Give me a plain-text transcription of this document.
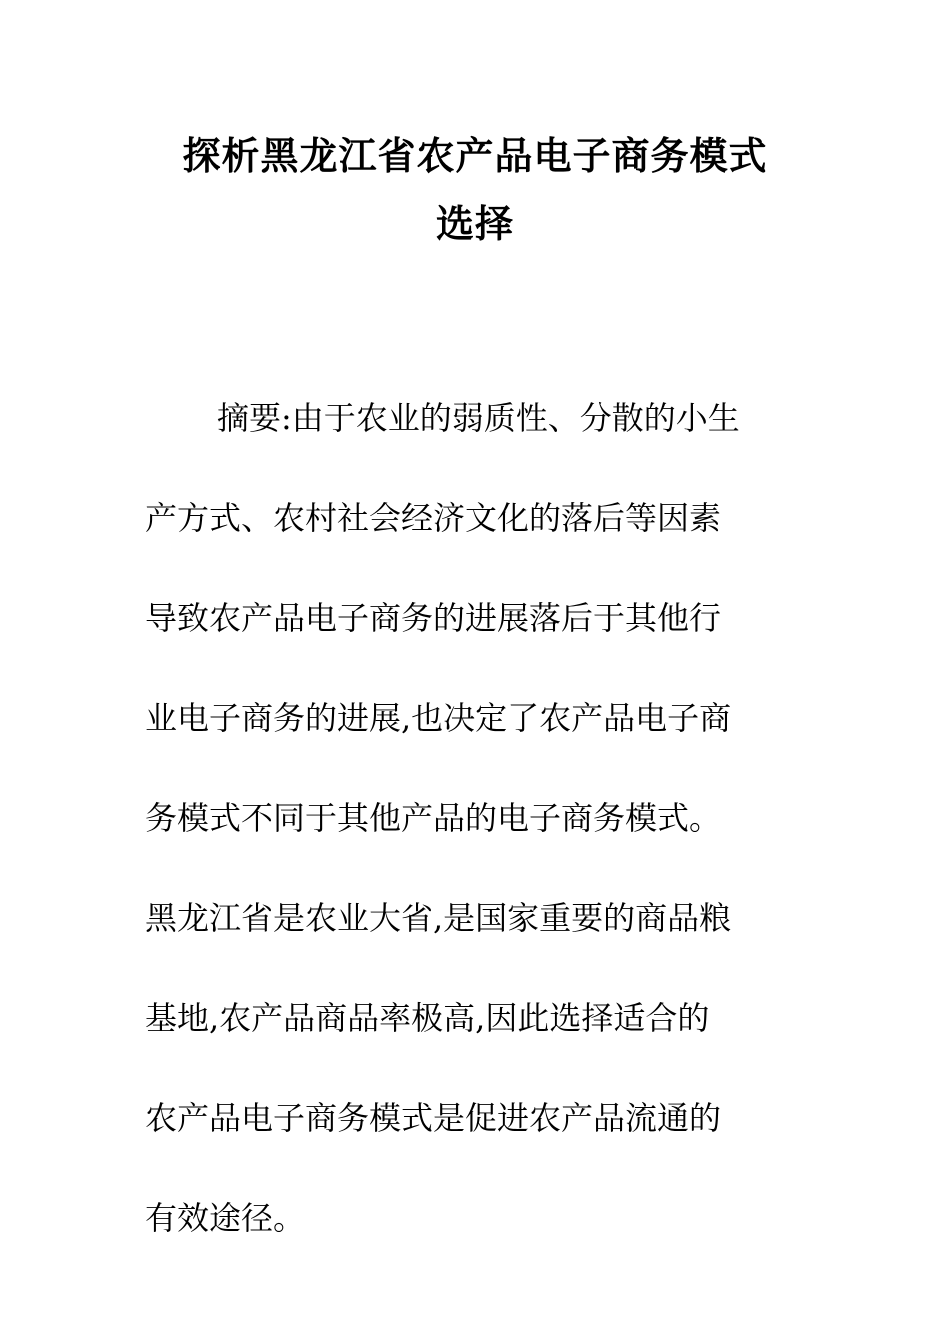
探析黑龙江省农产品电子商务模式
选择
摘要:由于农业的弱质性、分散的小生
产方式、农村社会经济文化的落后等因素
导致农产品电子商务的进展落后于其他行
业电子商务的进展,也决定了农产品电子商
务模式不同于其他产品的电子商务模式。
黑龙江省是农业大省,是国家重要的商品粮
基地,农产品商品率极高,因此选择适合的
农产品电子商务模式是促进农产品流通的
有效途径。
